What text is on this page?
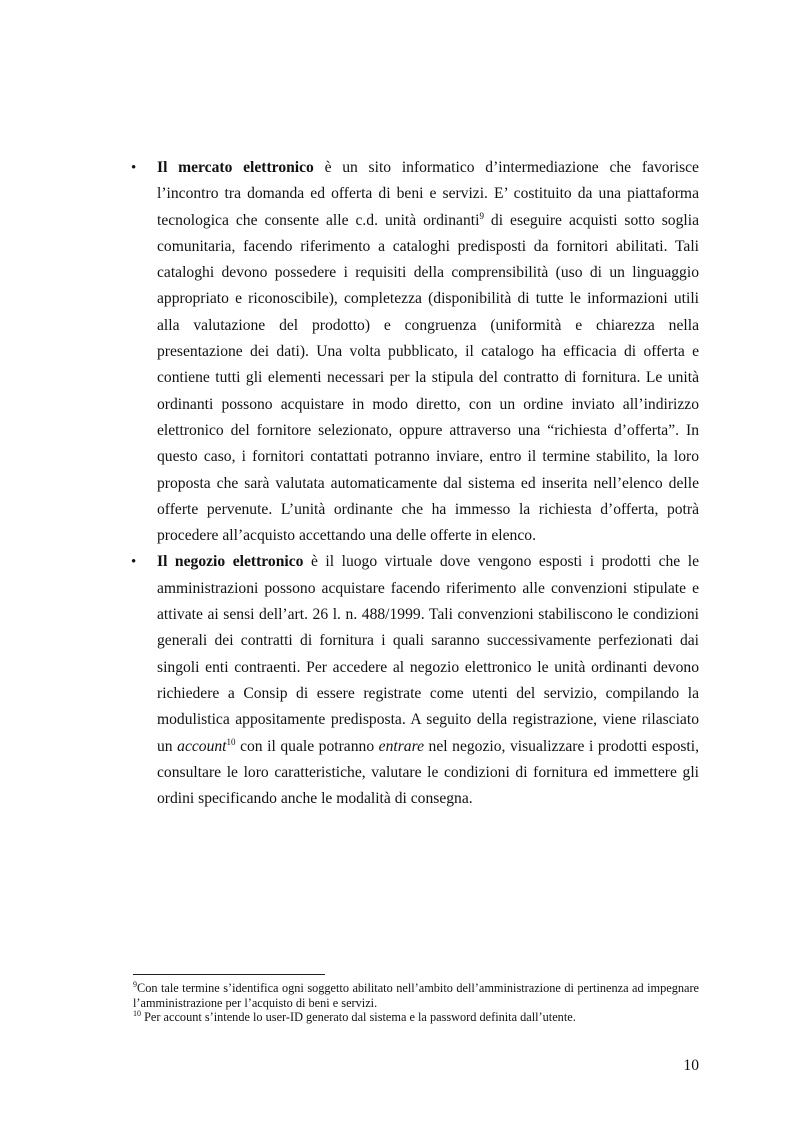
• Il mercato elettronico è un sito informatico d’intermediazione che favorisce l’incontro tra domanda ed offerta di beni e servizi. E’ costituito da una piattaforma tecnologica che consente alle c.d. unità ordinanti$^9$ di eseguire acquisti sotto soglia comunitaria, facendo riferimento a cataloghi predisposti da fornitori abilitati. Tali cataloghi devono possedere i requisiti della comprensibilità (uso di un linguaggio appropriato e riconoscibile), completezza (disponibilità di tutte le informazioni utili alla valutazione del prodotto) e congruenza (uniformità e chiarezza nella presentazione dei dati). Una volta pubblicato, il catalogo ha efficacia di offerta e contiene tutti gli elementi necessari per la stipula del contratto di fornitura. Le unità ordinanti possono acquistare in modo diretto, con un ordine inviato all’indirizzo elettronico del fornitore selezionato, oppure attraverso una “richiesta d’offerta”. In questo caso, i fornitori contattati potranno inviare, entro il termine stabilito, la loro proposta che sarà valutata automaticamente dal sistema ed inserita nell’elenco delle offerte pervenute. L’unità ordinante che ha immesso la richiesta d’offerta, potrà procedere all’acquisto accettando una delle offerte in elenco.
• Il negozio elettronico è il luogo virtuale dove vengono esposti i prodotti che le amministrazioni possono acquistare facendo riferimento alle convenzioni stipulate e attivate ai sensi dell’art. 26 l. n. 488/1999. Tali convenzioni stabiliscono le condizioni generali dei contratti di fornitura i quali saranno successivamente perfezionati dai singoli enti contraenti. Per accedere al negozio elettronico le unità ordinanti devono richiedere a Consip di essere registrate come utenti del servizio, compilando la modulistica appositamente predisposta. A seguito della registrazione, viene rilasciato un account$^{10}$ con il quale potranno entrare nel negozio, visualizzare i prodotti esposti, consultare le loro caratteristiche, valutare le condizioni di fornitura ed immettere gli ordini specificando anche le modalità di consegna.

$^9$Con tale termine s’identifica ogni soggetto abilitato nell’ambito dell’amministrazione di pertinenza ad impegnare l’amministrazione per l’acquisto di beni e servizi.

$^{10}$ Per account s’intende lo user-ID generato dal sistema e la password definita dall’utente.

10
